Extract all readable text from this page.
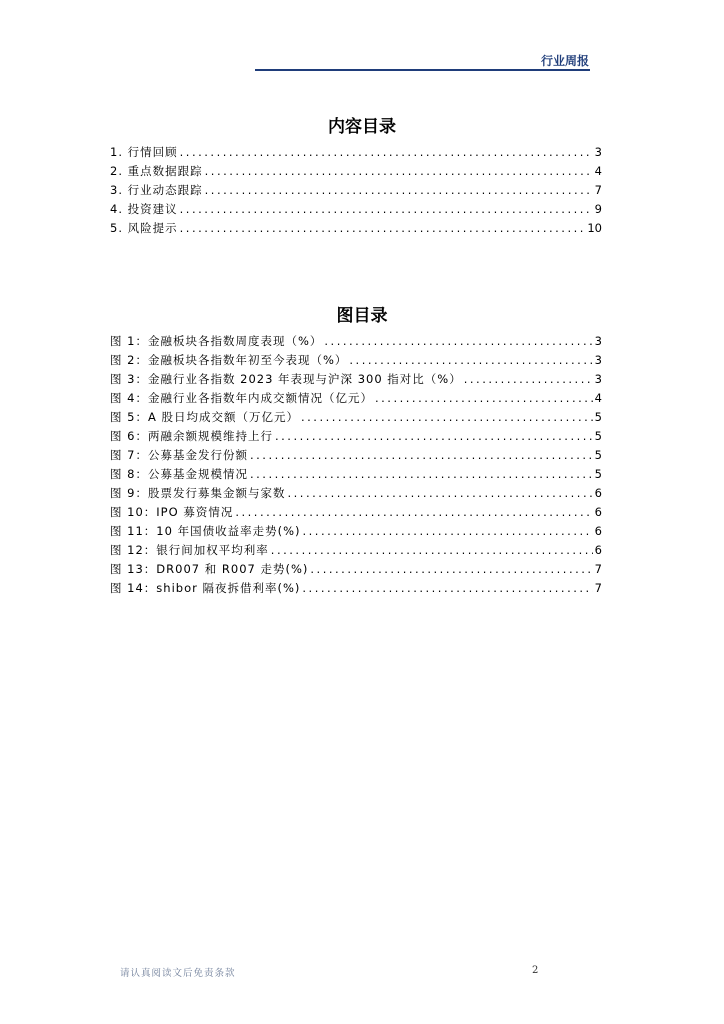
行业周报
内容目录
1. 行情回顾 .....	3
2. 重点数据跟踪 .....	4
3. 行业动态跟踪 .....	7
4. 投资建议 .....	9
5. 风险提示 .....	10
图目录
图 1：金融板块各指数周度表现（%） .....	3
图 2：金融板块各指数年初至今表现（%） .....	3
图 3：金融行业各指数 2023 年表现与沪深 300 指对比（%） .....	3
图 4：金融行业各指数年内成交额情况（亿元） .....	4
图 5：A 股日均成交额（万亿元） .....	5
图 6：两融余额规模维持上行 .....	5
图 7：公募基金发行份额 .....	5
图 8：公募基金规模情况 .....	5
图 9：股票发行募集金额与家数 .....	6
图 10：IPO 募资情况 .....	6
图 11：10 年国债收益率走势(%) .....	6
图 12：银行间加权平均利率 .....	6
图 13：DR007 和 R007 走势(%) .....	7
图 14：shibor 隔夜拆借利率(%) .....	7
请认真阅读文后免责条款	2
